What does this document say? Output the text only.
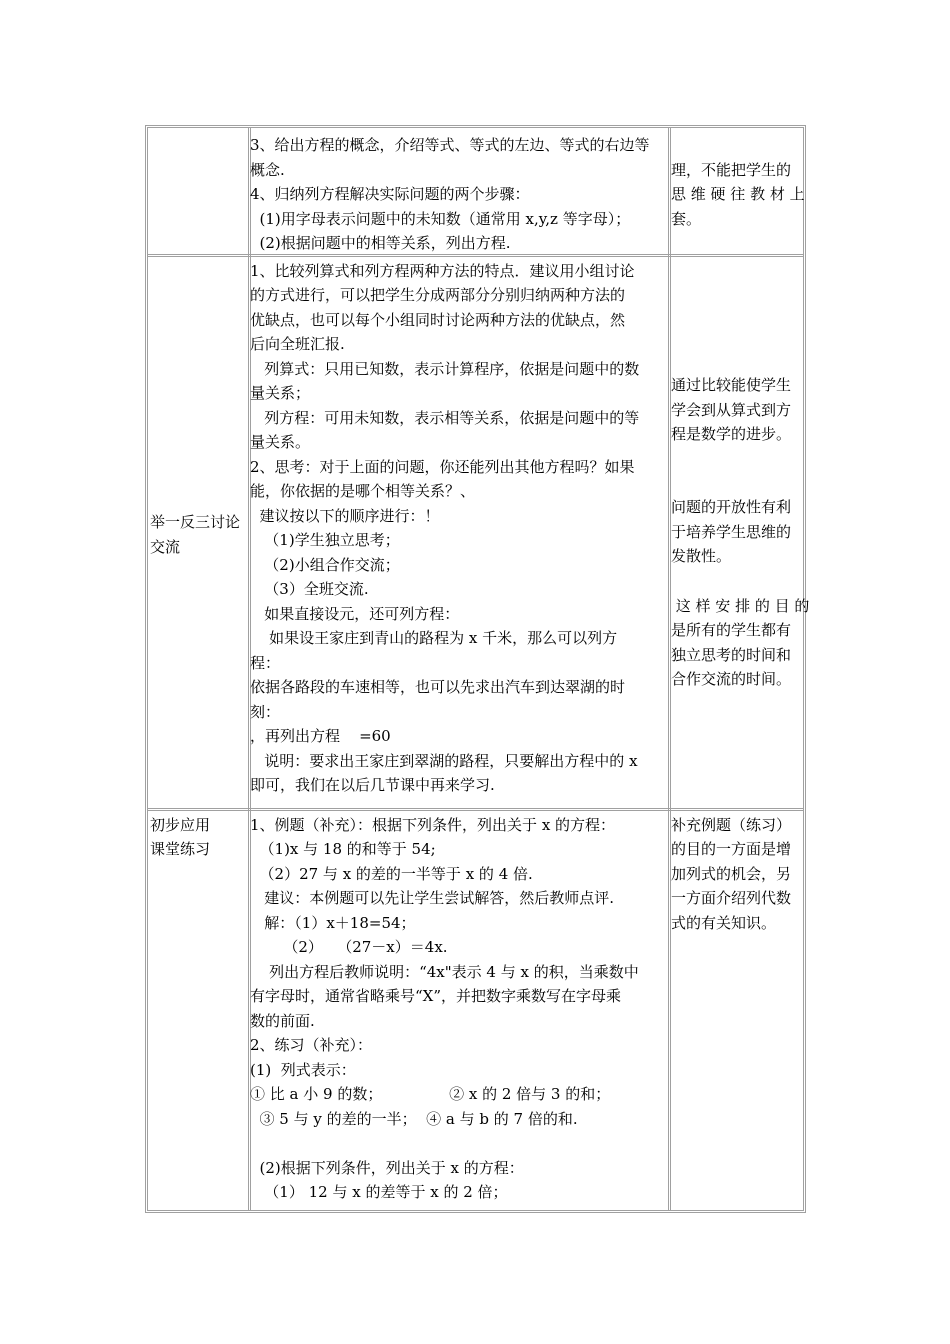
3、给出方程的概念，介绍等式、等式的左边、等式的右边等
概念.
4、归纳列方程解决实际问题的两个步骤：
(1)用字母表示问题中的未知数（通常用 x,y,z 等字母）；
(2)根据问题中的相等关系，列出方程.
理，不能把学生的
思 维 硬 往 教 材 上
套。
举一反三讨论
交流
1、比较列算式和列方程两种方法的特点．建议用小组讨论
的方式进行，可以把学生分成两部分分别归纳两种方法的
优缺点，也可以每个小组同时讨论两种方法的优缺点，然
后向全班汇报.
列算式：只用已知数，表示计算程序，依据是问题中的数
量关系；
列方程：可用未知数，表示相等关系，依据是问题中的等
量关系。
2、思考：对于上面的问题，你还能列出其他方程吗？如果
能，你依据的是哪个相等关系？、
建议按以下的顺序进行：！
（1)学生独立思考；
（2)小组合作交流；
（3）全班交流.
如果直接设元，还可列方程：
如果设王家庄到青山的路程为 x 千米，那么可以列方
程：
依据各路段的车速相等，也可以先求出汽车到达翠湖的时
刻：
，再列出方程    =60
说明：要求出王家庄到翠湖的路程，只要解出方程中的 x
即可，我们在以后几节课中再来学习.
通过比较能使学生
学会到从算式到方
程是数学的进步。
问题的开放性有利
于培养学生思维的
发散性。
这 样 安 排 的 目 的
是所有的学生都有
独立思考的时间和
合作交流的时间。
初步应用
课堂练习
1、例题（补充）：根据下列条件，列出关于 x 的方程：
（1)x 与 18 的和等于 54;
（2）27 与 x 的差的一半等于 x 的 4 倍.
建议：本例题可以先让学生尝试解答，然后教师点评.
解：（1）x＋18=54；
（2）   （27－x）＝4x.
列出方程后教师说明：“4x"表示 4 与 x 的积，当乘数中
有字母时，通常省略乘号“X”，并把数字乘数写在字母乘
数的前面.
2、练习（补充）：
(1)  列式表示：
① 比 a 小 9 的数；              ② x 的 2 倍与 3 的和；
③ 5 与 y 的差的一半；  ④ a 与 b 的 7 倍的和.
(2)根据下列条件，列出关于 x 的方程：
（1） 12 与 x 的差等于 x 的 2 倍；
补充例题（练习）
的目的一方面是增
加列式的机会，另
一方面介绍列代数
式的有关知识。
